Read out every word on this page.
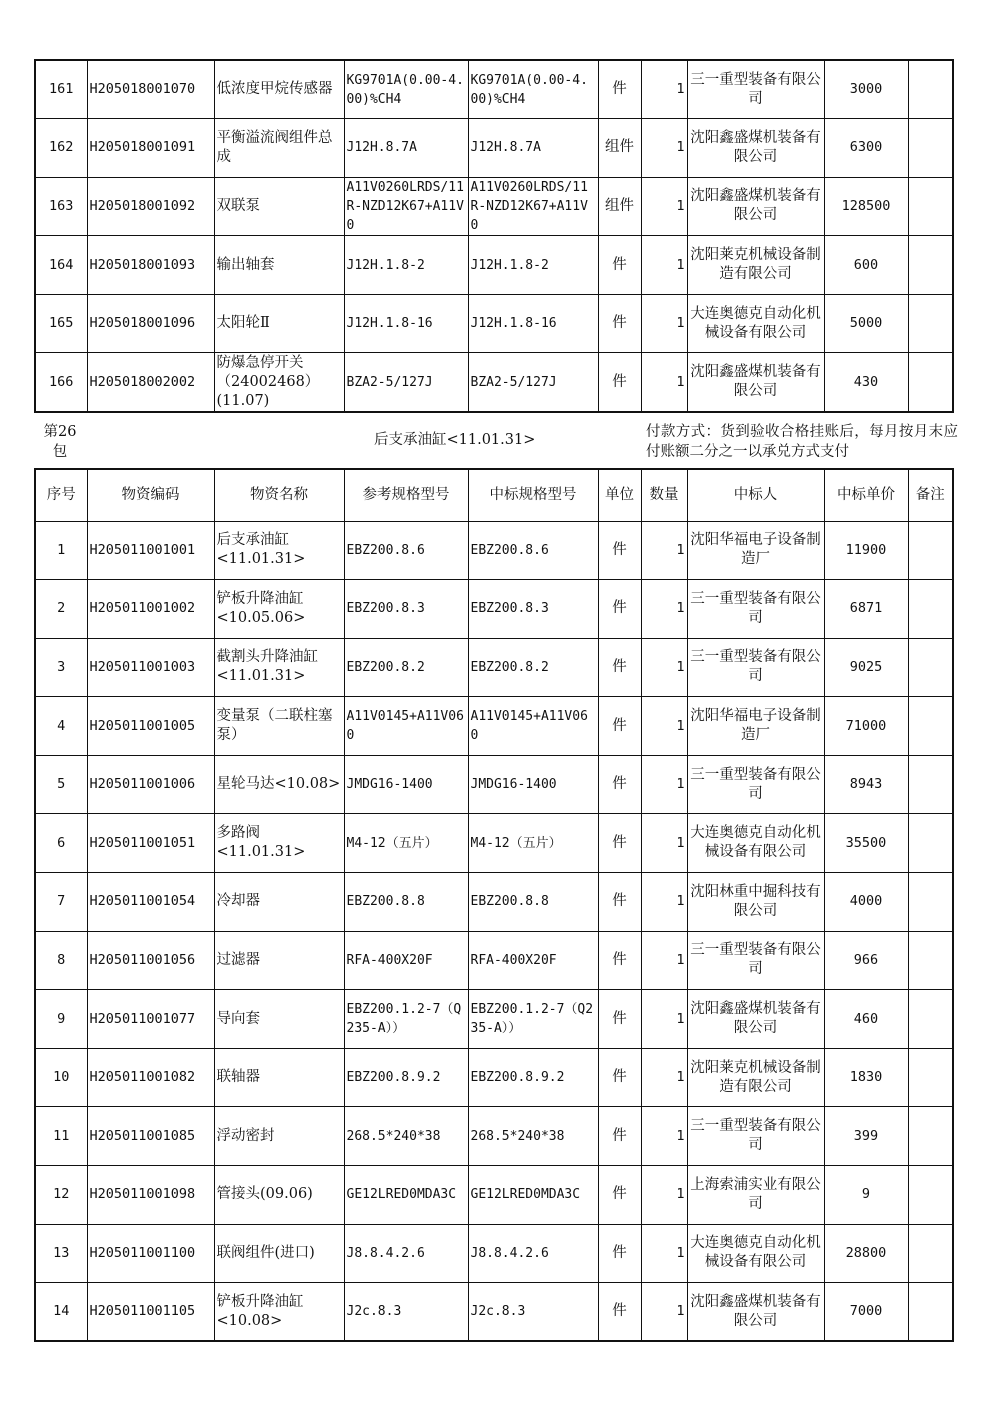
161	H205018001070	低浓度甲烷传感器	KG9701A(0.00-4.00)%CH4	KG9701A(0.00-4.00)%CH4	件	1	三一重型装备有限公司	3000	
162	H205018001091	平衡溢流阀组件总成	J12H.8.7A	J12H.8.7A	组件	1	沈阳鑫盛煤机装备有限公司	6300	
163	H205018001092	双联泵	A11V0260LRDS/11R-NZD12K67+A11V0	A11V0260LRDS/11R-NZD12K67+A11V0	组件	1	沈阳鑫盛煤机装备有限公司	128500	
164	H205018001093	输出轴套	J12H.1.8-2	J12H.1.8-2	件	1	沈阳莱克机械设备制造有限公司	600	
165	H205018001096	太阳轮Ⅱ	J12H.1.8-16	J12H.1.8-16	件	1	大连奥德克自动化机械设备有限公司	5000	
166	H205018002002	防爆急停开关（24002468）(11.07)	BZA2-5/127J	BZA2-5/127J	件	1	沈阳鑫盛煤机装备有限公司	430	
第26包
后支承油缸<11.01.31>	付款方式：货到验收合格挂账后，每月按月末应付账额二分之一以承兑方式支付
序号	物资编码	物资名称	参考规格型号	中标规格型号	单位	数量	中标人	中标单价	备注
1	H205011001001	后支承油缸<11.01.31>	EBZ200.8.6	EBZ200.8.6	件	1	沈阳华福电子设备制造厂	11900	
2	H205011001002	铲板升降油缸<10.05.06>	EBZ200.8.3	EBZ200.8.3	件	1	三一重型装备有限公司	6871	
3	H205011001003	截割头升降油缸<11.01.31>	EBZ200.8.2	EBZ200.8.2	件	1	三一重型装备有限公司	9025	
4	H205011001005	变量泵（二联柱塞泵）	A11V0145+A11V060	A11V0145+A11V060	件	1	沈阳华福电子设备制造厂	71000	
5	H205011001006	星轮马达<10.08>	JMDG16-1400	JMDG16-1400	件	1	三一重型装备有限公司	8943	
6	H205011001051	多路阀<11.01.31>	M4-12（五片）	M4-12（五片）	件	1	大连奥德克自动化机械设备有限公司	35500	
7	H205011001054	冷却器	EBZ200.8.8	EBZ200.8.8	件	1	沈阳林重中掘科技有限公司	4000	
8	H205011001056	过滤器	RFA-400X20F	RFA-400X20F	件	1	三一重型装备有限公司	966	
9	H205011001077	导向套	EBZ200.1.2-7（Q235-A））	EBZ200.1.2-7（Q235-A））	件	1	沈阳鑫盛煤机装备有限公司	460	
10	H205011001082	联轴器	EBZ200.8.9.2	EBZ200.8.9.2	件	1	沈阳莱克机械设备制造有限公司	1830	
11	H205011001085	浮动密封	268.5*240*38	268.5*240*38	件	1	三一重型装备有限公司	399	
12	H205011001098	管接头(09.06)	GE12LRED0MDA3C	GE12LRED0MDA3C	件	1	上海索浦实业有限公司	9	
13	H205011001100	联阀组件(进口)	J8.8.4.2.6	J8.8.4.2.6	件	1	大连奥德克自动化机械设备有限公司	28800	
14	H205011001105	铲板升降油缸<10.08>	J2c.8.3	J2c.8.3	件	1	沈阳鑫盛煤机装备有限公司	7000	
